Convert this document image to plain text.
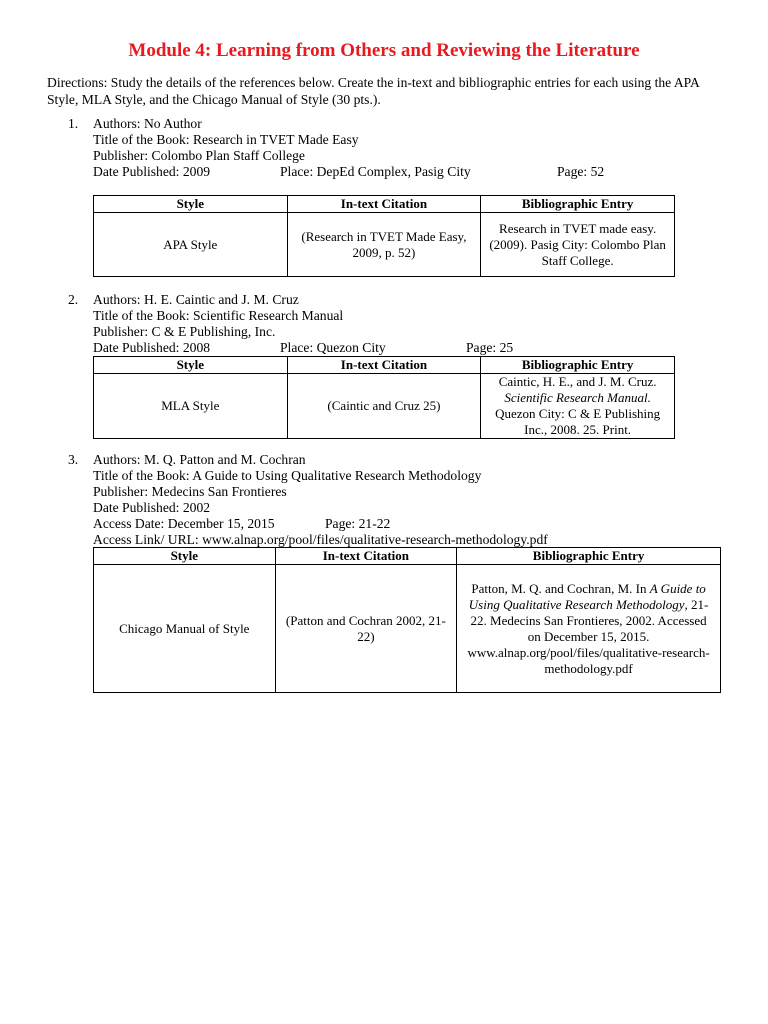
Module 4: Learning from Others and Reviewing the Literature
Directions: Study the details of the references below. Create the in-text and bibliographic entries for each using the APA Style, MLA Style, and the Chicago Manual of Style (30 pts.).
1. Authors: No Author
Title of the Book: Research in TVET Made Easy
Publisher: Colombo Plan Staff College
Date Published: 2009	Place: DepEd Complex, Pasig City	Page: 52
Style	In-text Citation	Bibliographic Entry
APA Style	(Research in TVET Made Easy, 2009, p. 52)	Research in TVET made easy. (2009). Pasig City: Colombo Plan Staff College.
2. Authors: H. E. Caintic and J. M. Cruz
Title of the Book: Scientific Research Manual
Publisher: C & E Publishing, Inc.
Date Published: 2008	Place: Quezon City	Page: 25
Style	In-text Citation	Bibliographic Entry
MLA Style	(Caintic and Cruz 25)	Caintic, H. E., and J. M. Cruz. Scientific Research Manual. Quezon City: C & E Publishing Inc., 2008. 25. Print.
3. Authors: M. Q. Patton and M. Cochran
Title of the Book: A Guide to Using Qualitative Research Methodology
Publisher: Medecins San Frontieres
Date Published: 2002
Access Date: December 15, 2015	Page: 21-22
Access Link/ URL: www.alnap.org/pool/files/qualitative-research-methodology.pdf
Style	In-text Citation	Bibliographic Entry
Chicago Manual of Style	(Patton and Cochran 2002, 21-22)	Patton, M. Q. and Cochran, M. In A Guide to Using Qualitative Research Methodology, 21-22. Medecins San Frontieres, 2002. Accessed on December 15, 2015. www.alnap.org/pool/files/qualitative-research-methodology.pdf
